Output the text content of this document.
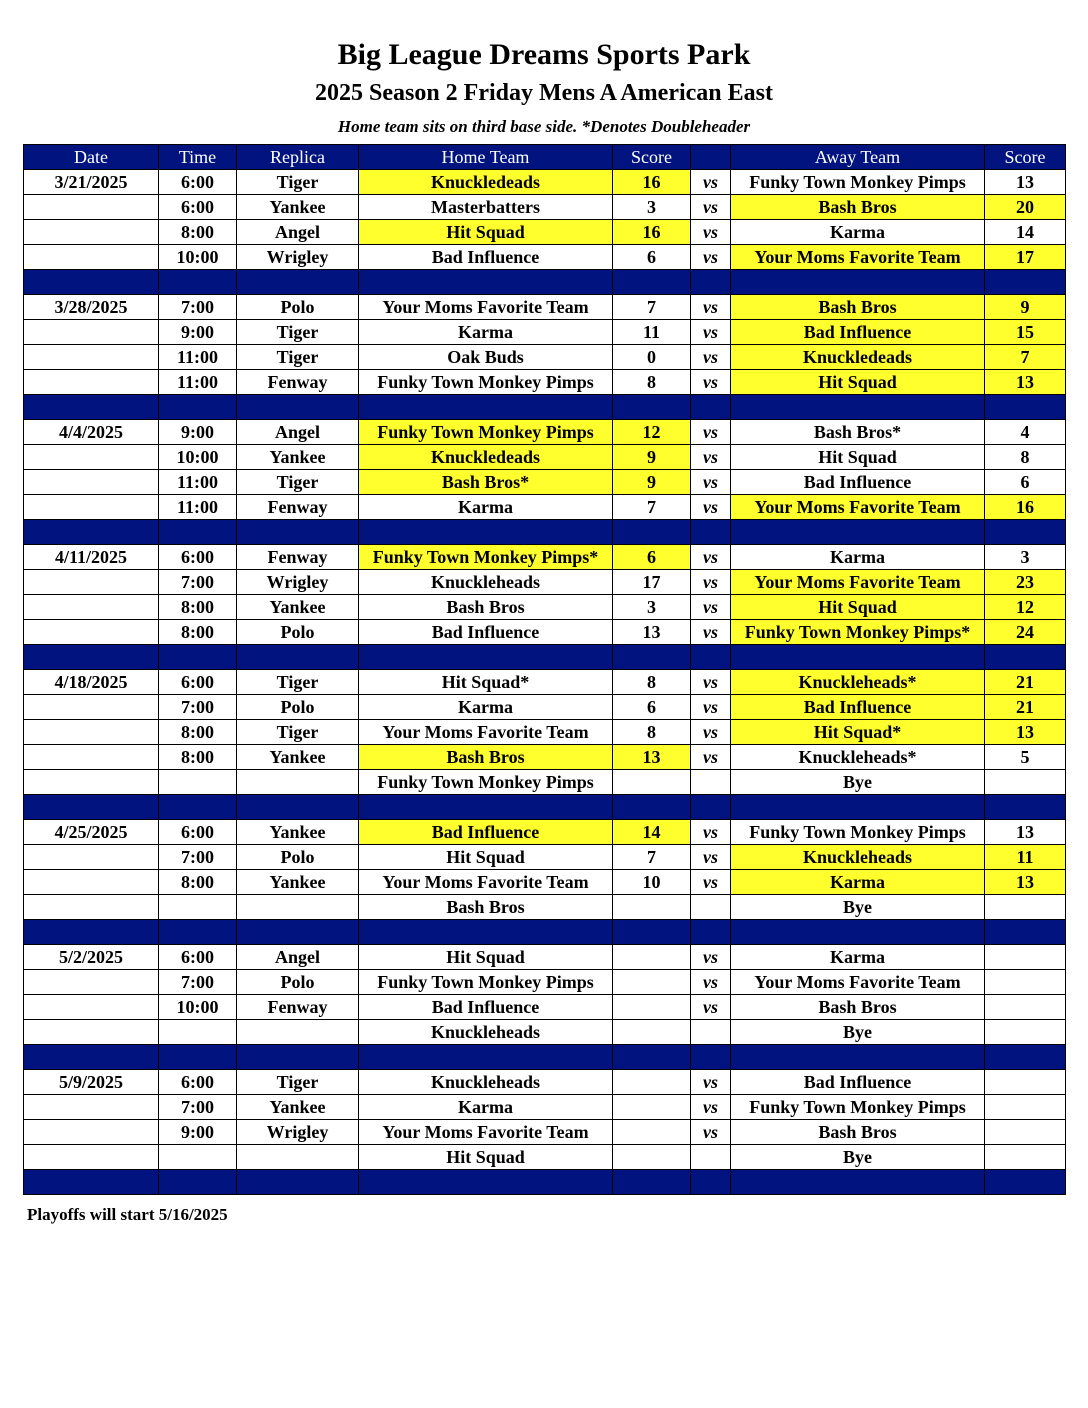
Big League Dreams Sports Park
2025 Season 2 Friday Mens A American East
Home team sits on third base side. *Denotes Doubleheader
Date	Time	Replica	Home Team	Score		Away Team	Score
3/21/2025	6:00	Tiger	Knuckledeads	16	vs	Funky Town Monkey Pimps	13
	6:00	Yankee	Masterbatters	3	vs	Bash Bros	20
	8:00	Angel	Hit Squad	16	vs	Karma	14
	10:00	Wrigley	Bad Influence	6	vs	Your Moms Favorite Team	17

3/28/2025	7:00	Polo	Your Moms Favorite Team	7	vs	Bash Bros	9
	9:00	Tiger	Karma	11	vs	Bad Influence	15
	11:00	Tiger	Oak Buds	0	vs	Knuckledeads	7
	11:00	Fenway	Funky Town Monkey Pimps	8	vs	Hit Squad	13

4/4/2025	9:00	Angel	Funky Town Monkey Pimps	12	vs	Bash Bros*	4
	10:00	Yankee	Knuckledeads	9	vs	Hit Squad	8
	11:00	Tiger	Bash Bros*	9	vs	Bad Influence	6
	11:00	Fenway	Karma	7	vs	Your Moms Favorite Team	16

4/11/2025	6:00	Fenway	Funky Town Monkey Pimps*	6	vs	Karma	3
	7:00	Wrigley	Knuckleheads	17	vs	Your Moms Favorite Team	23
	8:00	Yankee	Bash Bros	3	vs	Hit Squad	12
	8:00	Polo	Bad Influence	13	vs	Funky Town Monkey Pimps*	24

4/18/2025	6:00	Tiger	Hit Squad*	8	vs	Knuckleheads*	21
	7:00	Polo	Karma	6	vs	Bad Influence	21
	8:00	Tiger	Your Moms Favorite Team	8	vs	Hit Squad*	13
	8:00	Yankee	Bash Bros	13	vs	Knuckleheads*	5
			Funky Town Monkey Pimps			Bye	

4/25/2025	6:00	Yankee	Bad Influence	14	vs	Funky Town Monkey Pimps	13
	7:00	Polo	Hit Squad	7	vs	Knuckleheads	11
	8:00	Yankee	Your Moms Favorite Team	10	vs	Karma	13
			Bash Bros			Bye	

5/2/2025	6:00	Angel	Hit Squad		vs	Karma	
	7:00	Polo	Funky Town Monkey Pimps		vs	Your Moms Favorite Team	
	10:00	Fenway	Bad Influence		vs	Bash Bros	
			Knuckleheads			Bye	

5/9/2025	6:00	Tiger	Knuckleheads		vs	Bad Influence	
	7:00	Yankee	Karma		vs	Funky Town Monkey Pimps	
	9:00	Wrigley	Your Moms Favorite Team		vs	Bash Bros	
			Hit Squad			Bye	

Playoffs will start 5/16/2025
